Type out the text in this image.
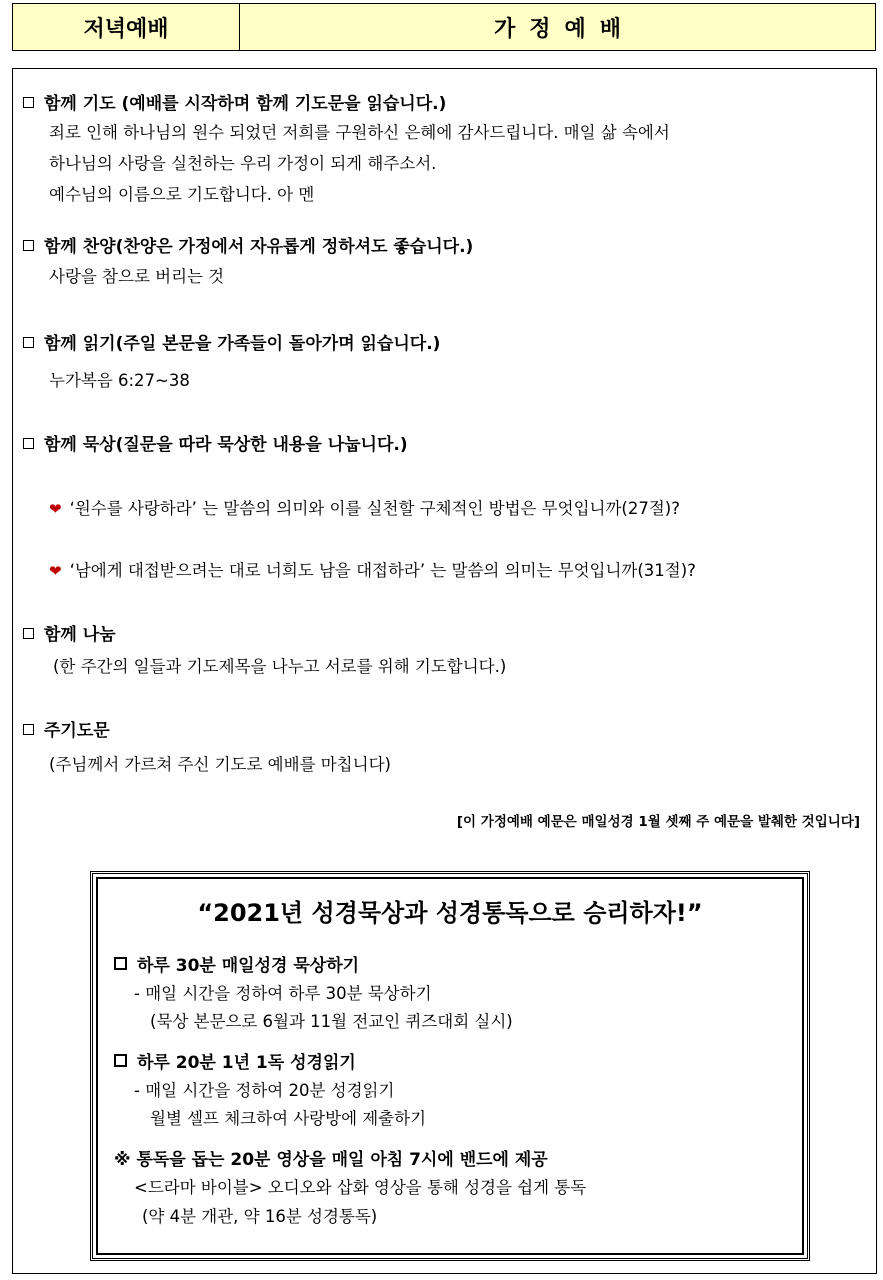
저녁예배	가정예배
함께 기도 (예배를 시작하며 함께 기도문을 읽습니다.)
죄로 인해 하나님의 원수 되었던 저희를 구원하신 은혜에 감사드립니다. 매일 삶 속에서
하나님의 사랑을 실천하는 우리 가정이 되게 해주소서.
예수님의 이름으로 기도합니다. 아 멘
함께 찬양(찬양은 가정에서 자유롭게 정하셔도 좋습니다.)
사랑을 참으로 버리는 것
함께 읽기(주일 본문을 가족들이 돌아가며 읽습니다.)
누가복음 6:27~38
함께 묵상(질문을 따라 묵상한 내용을 나눕니다.)
❤ ‘원수를 사랑하라’ 는 말씀의 의미와 이를 실천할 구체적인 방법은 무엇입니까(27절)?
❤ ‘남에게 대접받으려는 대로 너희도 남을 대접하라’ 는 말씀의 의미는 무엇입니까(31절)?
함께 나눔
(한 주간의 일들과 기도제목을 나누고 서로를 위해 기도합니다.)
주기도문
(주님께서 가르쳐 주신 기도로 예배를 마칩니다)
[이 가정예배 예문은 매일성경 1월 셋째 주 예문을 발췌한 것입니다]
“2021년 성경묵상과 성경통독으로 승리하자!”
하루 30분 매일성경 묵상하기
- 매일 시간을 정하여 하루 30분 묵상하기
(묵상 본문으로 6월과 11월 전교인 퀴즈대회 실시)
하루 20분 1년 1독 성경읽기
- 매일 시간을 정하여 20분 성경읽기
월별 셀프 체크하여 사랑방에 제출하기
※ 통독을 돕는 20분 영상을 매일 아침 7시에 밴드에 제공
<드라마 바이블> 오디오와 삽화 영상을 통해 성경을 쉽게 통독
(약 4분 개관, 약 16분 성경통독)
